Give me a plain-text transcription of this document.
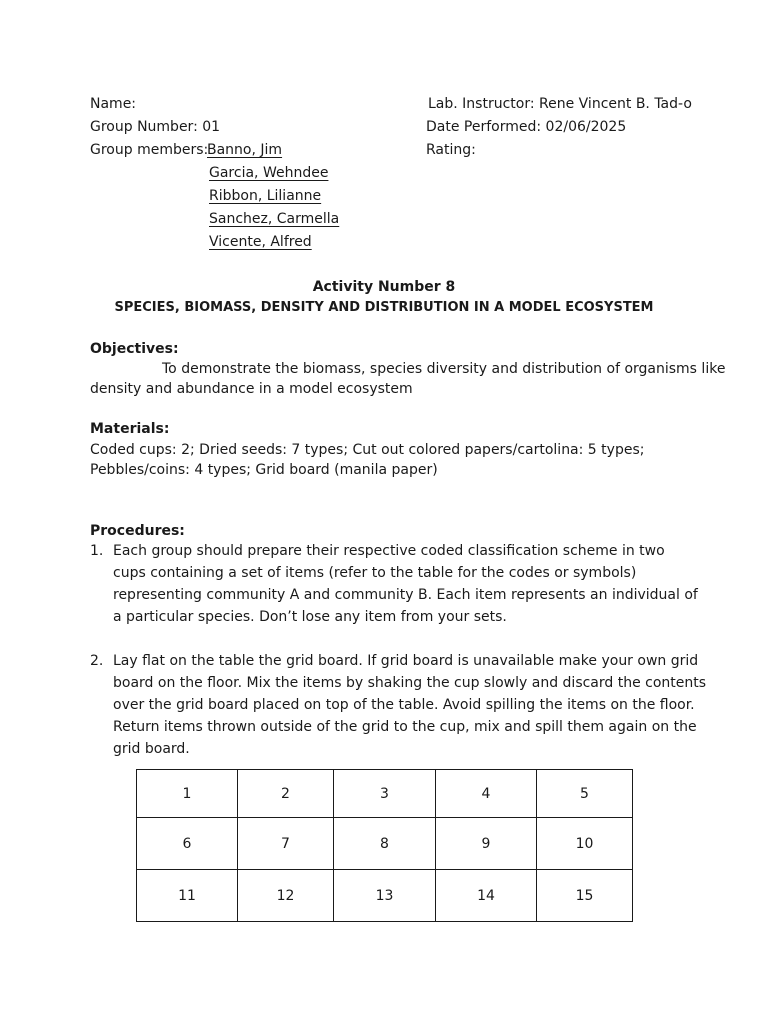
Name:
Group Number: 01
Group members:
Banno, Jim
Garcia, Wehndee
Ribbon, Lilianne
Sanchez, Carmella
Vicente, Alfred
Lab. Instructor: Rene Vincent B. Tad-o
Date Performed: 02/06/2025
Rating:
Activity Number 8
SPECIES, BIOMASS, DENSITY AND DISTRIBUTION IN A MODEL ECOSYSTEM
Objectives:
To demonstrate the biomass, species diversity and distribution of organisms like
density and abundance in a model ecosystem
Materials:
Coded cups: 2; Dried seeds: 7 types; Cut out colored papers/cartolina: 5 types;
Pebbles/coins: 4 types; Grid board (manila paper)
Procedures:
1. Each group should prepare their respective coded classification scheme in two
cups containing a set of items (refer to the table for the codes or symbols)
representing community A and community B. Each item represents an individual of
a particular species. Don’t lose any item from your sets.
2. Lay flat on the table the grid board. If grid board is unavailable make your own grid
board on the floor. Mix the items by shaking the cup slowly and discard the contents
over the grid board placed on top of the table. Avoid spilling the items on the floor.
Return items thrown outside of the grid to the cup, mix and spill them again on the
grid board.
1	2	3	4	5
6	7	8	9	10
11	12	13	14	15
